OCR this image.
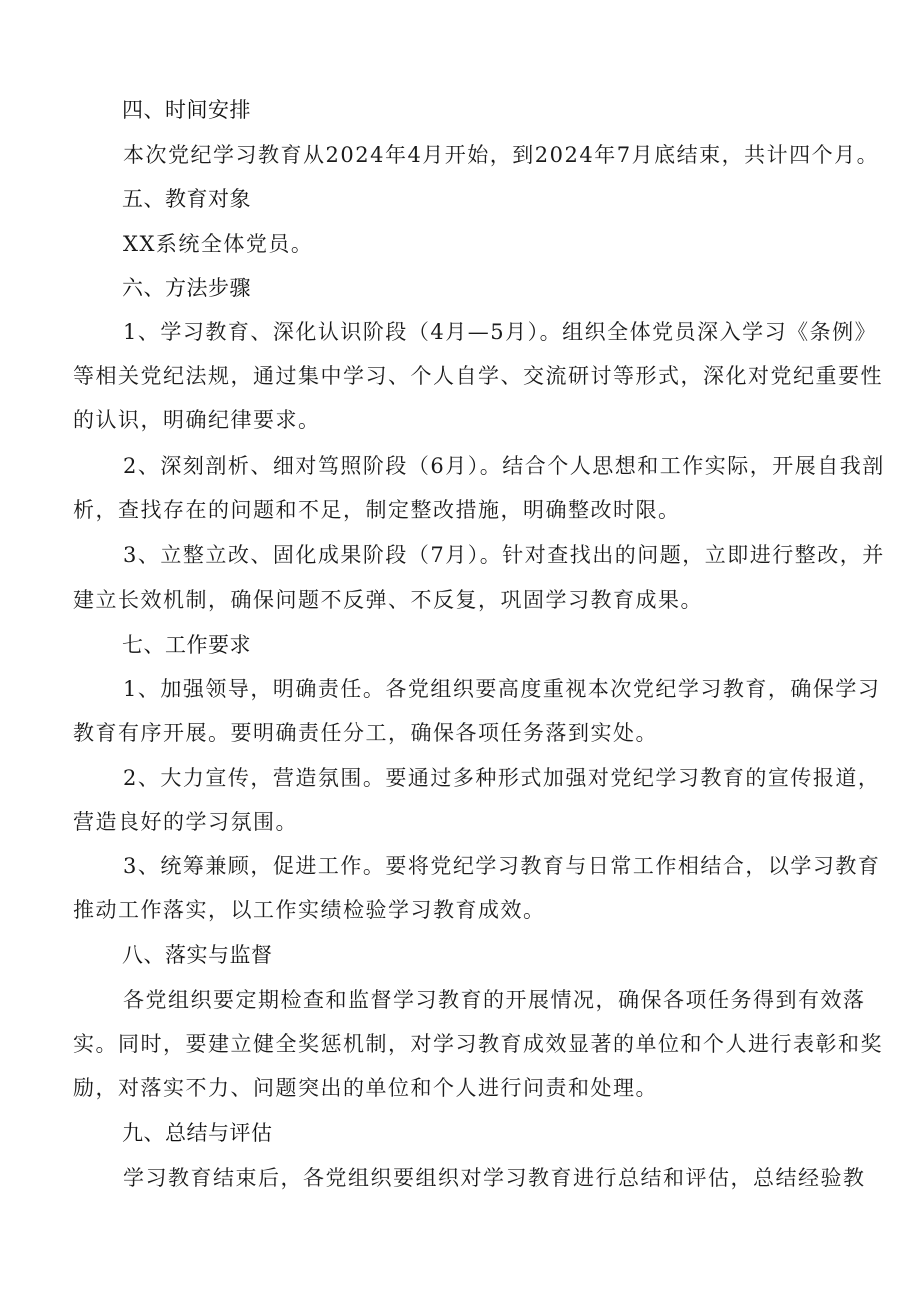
四、时间安排
本次党纪学习教育从2024年4月开始，到2024年7月底结束，共计四个月。
五、教育对象
XX系统全体党员。
六、方法步骤
1、学习教育、深化认识阶段（4月—5月）。组织全体党员深入学习《条例》
等相关党纪法规，通过集中学习、个人自学、交流研讨等形式，深化对党纪重要性
的认识，明确纪律要求。
2、深刻剖析、细对笃照阶段（6月）。结合个人思想和工作实际，开展自我剖
析，查找存在的问题和不足，制定整改措施，明确整改时限。
3、立整立改、固化成果阶段（7月）。针对查找出的问题，立即进行整改，并
建立长效机制，确保问题不反弹、不反复，巩固学习教育成果。
七、工作要求
1、加强领导，明确责任。各党组织要高度重视本次党纪学习教育，确保学习
教育有序开展。要明确责任分工，确保各项任务落到实处。
2、大力宣传，营造氛围。要通过多种形式加强对党纪学习教育的宣传报道，
营造良好的学习氛围。
3、统筹兼顾，促进工作。要将党纪学习教育与日常工作相结合，以学习教育
推动工作落实，以工作实绩检验学习教育成效。
八、落实与监督
各党组织要定期检查和监督学习教育的开展情况，确保各项任务得到有效落
实。同时，要建立健全奖惩机制，对学习教育成效显著的单位和个人进行表彰和奖
励，对落实不力、问题突出的单位和个人进行问责和处理。
九、总结与评估
学习教育结束后，各党组织要组织对学习教育进行总结和评估，总结经验教
